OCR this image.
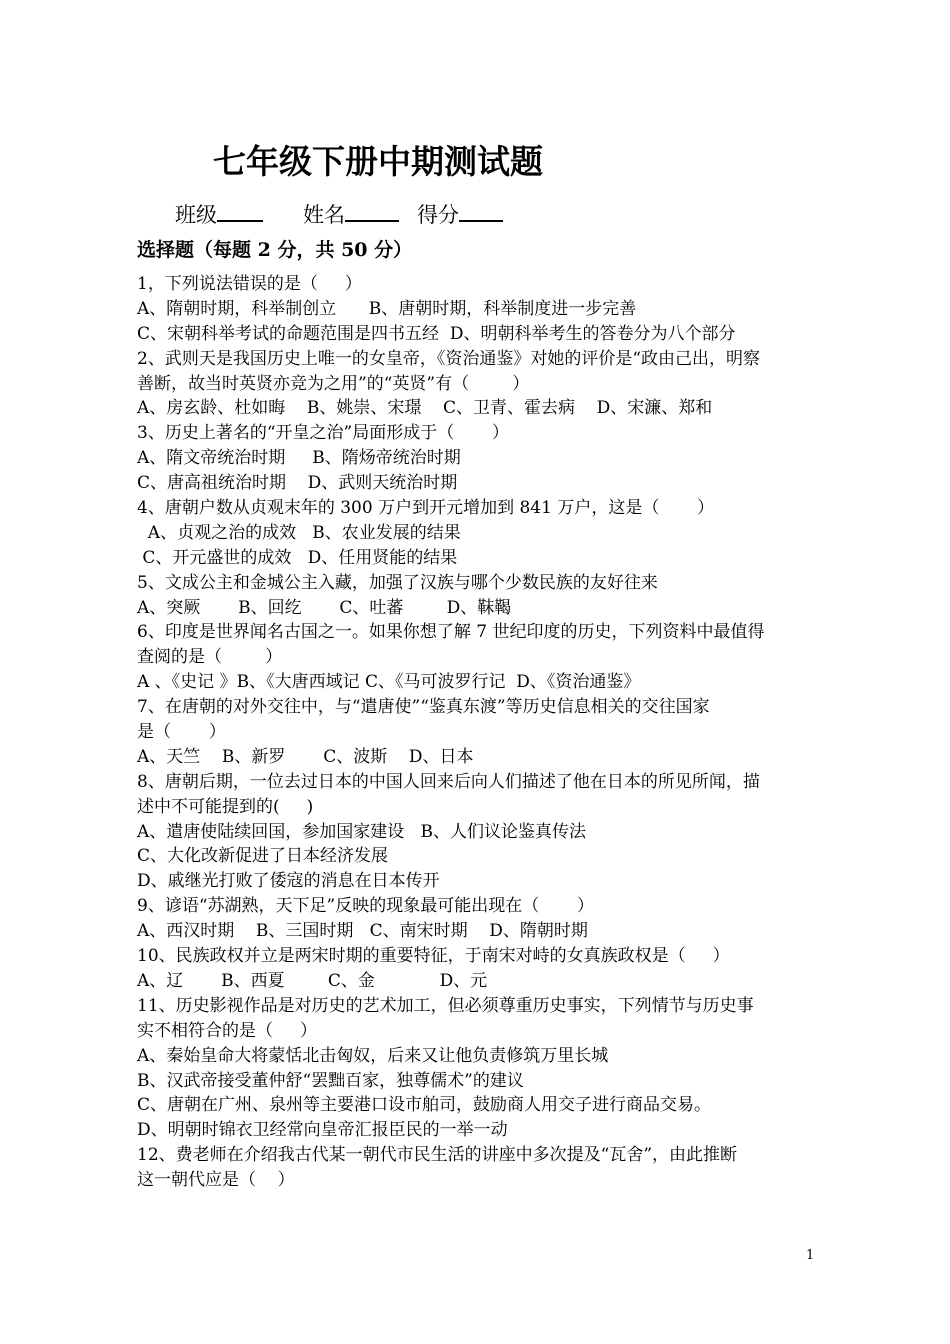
七年级下册中期测试题
班级	姓名	得分
选择题（每题 2 分，共 50 分）
1，下列说法错误的是（     ）
A、隋朝时期，科举制创立      B、唐朝时期，科举制度进一步完善
C、宋朝科举考试的命题范围是四书五经  D、明朝科举考生的答卷分为八个部分
2、武则天是我国历史上唯一的女皇帝，《资治通鉴》对她的评价是“政由己出，明察
善断，故当时英贤亦竞为之用”的“英贤”有（        ）
A、房玄龄、杜如晦    B、姚崇、宋璟    C、卫青、霍去病    D、宋濂、郑和
3、历史上著名的“开皇之治”局面形成于（       ）
A、隋文帝统治时期     B、隋炀帝统治时期
C、唐高祖统治时期    D、武则天统治时期
4、唐朝户数从贞观末年的 300 万户到开元增加到 841 万户，这是（       ）
A、贞观之治的成效   B、农业发展的结果
C、开元盛世的成效   D、任用贤能的结果
5、文成公主和金城公主入藏，加强了汉族与哪个少数民族的友好往来
A、突厥       B、回纥       C、吐蕃        D、靺鞨
6、印度是世界闻名古国之一。如果你想了解 7 世纪印度的历史，下列资料中最值得
查阅的是（        ）
A 、《史记 》B、《大唐西域记 C、《马可波罗行记  D、《资治通鉴》
7、在唐朝的对外交往中，与“遣唐使”“鉴真东渡”等历史信息相关的交往国家
是（       ）
A、天竺    B、新罗       C、波斯    D、日本
8、唐朝后期，一位去过日本的中国人回来后向人们描述了他在日本的所见所闻，描
述中不可能提到的(     )
A、遣唐使陆续回国，参加国家建设   B、人们议论鉴真传法
C、大化改新促进了日本经济发展
D、戚继光打败了倭寇的消息在日本传开
9、谚语“苏湖熟，天下足”反映的现象最可能出现在（       ）
A、西汉时期    B、三国时期   C、南宋时期    D、隋朝时期
10、民族政权并立是两宋时期的重要特征，于南宋对峙的女真族政权是（     ）
A、辽       B、西夏        C、金            D、元
11、历史影视作品是对历史的艺术加工，但必须尊重历史事实，下列情节与历史事
实不相符合的是（     ）
A、秦始皇命大将蒙恬北击匈奴，后来又让他负责修筑万里长城
B、汉武帝接受董仲舒“罢黜百家，独尊儒术”的建议
C、唐朝在广州、泉州等主要港口设市舶司，鼓励商人用交子进行商品交易。
D、明朝时锦衣卫经常向皇帝汇报臣民的一举一动
12、费老师在介绍我古代某一朝代市民生活的讲座中多次提及“瓦舍”，由此推断
这一朝代应是（    ）
1
